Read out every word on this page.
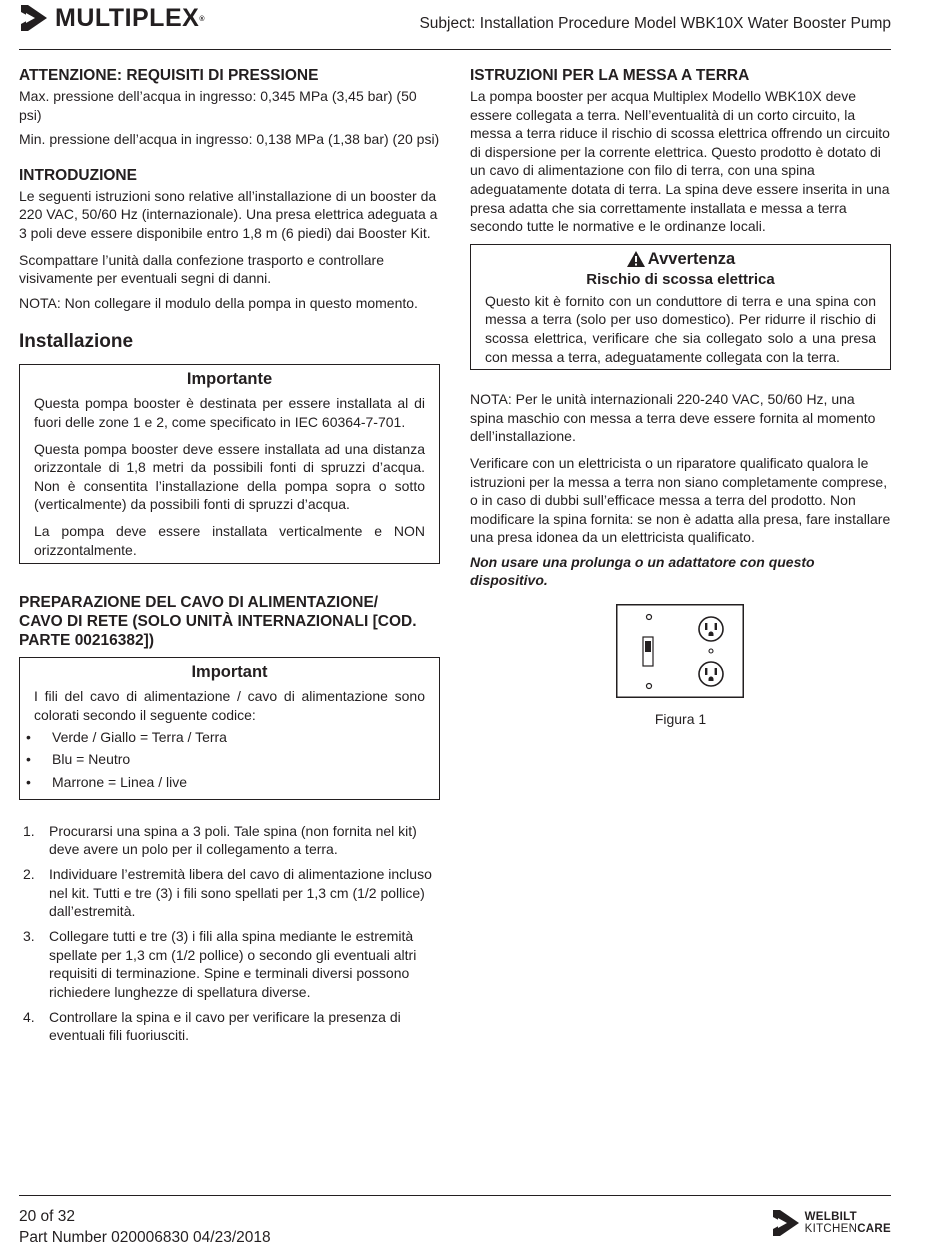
MULTIPLEX®	Subject: Installation Procedure Model WBK10X Water Booster Pump
ATTENZIONE: REQUISITI DI PRESSIONE

Max. pressione dell’acqua in ingresso: 0,345 MPa (3,45 bar) (50 psi)

Min. pressione dell’acqua in ingresso: 0,138 MPa (1,38 bar) (20 psi)

INTRODUZIONE

Le seguenti istruzioni sono relative all’installazione di un booster da 220 VAC, 50/60 Hz (internazionale). Una presa elettrica adeguata a 3 poli deve essere disponibile entro 1,8 m (6 piedi) dai Booster Kit.

Scompattare l’unità dalla confezione trasporto e controllare visivamente per eventuali segni di danni.

NOTA: Non collegare il modulo della pompa in questo momento.

Installazione
Importante

Questa pompa booster è destinata per essere installata al di fuori delle zone 1 e 2, come specificato in IEC 60364-7-701.

Questa pompa booster deve essere installata ad una distanza orizzontale di 1,8 metri da possibili fonti di spruzzi d’acqua. Non è consentita l’installazione della pompa sopra o sotto (verticalmente) da possibili fonti di spruzzi d’acqua.

La pompa deve essere installata verticalmente e NON orizzontalmente.

PREPARAZIONE DEL CAVO DI ALIMENTAZIONE/
CAVO DI RETE (SOLO UNITÀ INTERNAZIONALI [COD.
PARTE 00216382])
Important

I fili del cavo di alimentazione / cavo di alimentazione sono colorati secondo il seguente codice:

• Verde / Giallo = Terra / Terra
• Blu = Neutro
• Marrone = Linea / live
1. Procurarsi una spina a 3 poli. Tale spina (non fornita nel kit) deve avere un polo per il collegamento a terra.
2. Individuare l’estremità libera del cavo di alimentazione incluso nel kit. Tutti e tre (3) i fili sono spellati per 1,3 cm (1/2 pollice) dall’estremità.
3. Collegare tutti e tre (3) i fili alla spina mediante le estremità spellate per 1,3 cm (1/2 pollice) o secondo gli eventuali altri requisiti di terminazione. Spine e terminali diversi possono richiedere lunghezze di spellatura diverse.
4. Controllare la spina e il cavo per verificare la presenza di eventuali fili fuoriusciti.
ISTRUZIONI PER LA MESSA A TERRA

La pompa booster per acqua Multiplex Modello WBK10X deve essere collegata a terra. Nell’eventualità di un corto circuito, la messa a terra riduce il rischio di scossa elettrica offrendo un circuito di dispersione per la corrente elettrica. Questo prodotto è dotato di un cavo di alimentazione con filo di terra, con una spina adeguatamente dotata di terra. La spina deve essere inserita in una presa adatta che sia correttamente installata e messa a terra secondo tutte le normative e le ordinanze locali.

Avvertenza
Rischio di scossa elettrica

Questo kit è fornito con un conduttore di terra e una spina con messa a terra (solo per uso domestico). Per ridurre il rischio di scossa elettrica, verificare che sia collegato solo a una presa con messa a terra, adeguatamente collegata con la terra.

NOTA: Per le unità internazionali 220-240 VAC, 50/60 Hz, una spina maschio con messa a terra deve essere fornita al momento dell’installazione.

Verificare con un elettricista o un riparatore qualificato qualora le istruzioni per la messa a terra non siano completamente comprese, o in caso di dubbi sull’efficace messa a terra del prodotto. Non modificare la spina fornita: se non è adatta alla presa, fare installare una presa idonea da un elettricista qualificato.

Non usare una prolunga o un adattatore con questo dispositivo.

Figura 1
20 of 32
Part Number 020006830 04/23/2018
WELBILT
KITCHENCARE
